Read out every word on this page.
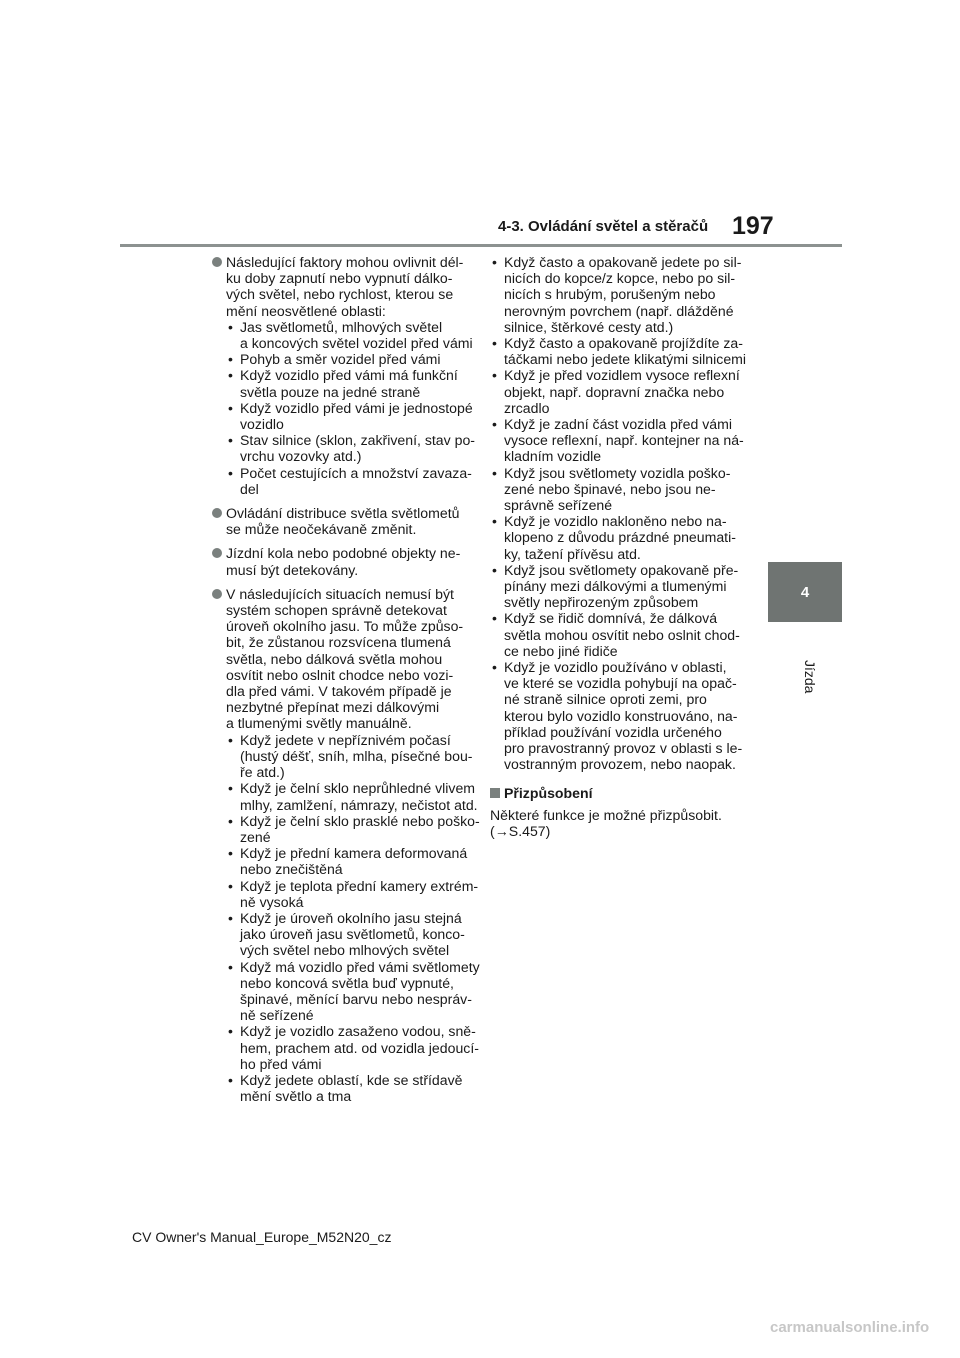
4-3. Ovládání světel a stěračů 197
4
Jízda
Následující faktory mohou ovlivnit dél-
ku doby zapnutí nebo vypnutí dálko-
vých světel, nebo rychlost, kterou se
mění neosvětlené oblasti:
• Jas světlometů, mlhových světel
a koncových světel vozidel před vámi
• Pohyb a směr vozidel před vámi
• Když vozidlo před vámi má funkční
světla pouze na jedné straně
• Když vozidlo před vámi je jednostopé
vozidlo
• Stav silnice (sklon, zakřivení, stav po-
vrchu vozovky atd.)
• Počet cestujících a množství zavaza-
del
Ovládání distribuce světla světlometů
se může neočekávaně změnit.
Jízdní kola nebo podobné objekty ne-
musí být detekovány.
V následujících situacích nemusí být
systém schopen správně detekovat
úroveň okolního jasu. To může způso-
bit, že zůstanou rozsvícena tlumená
světla, nebo dálková světla mohou
osvítit nebo oslnit chodce nebo vozi-
dla před vámi. V takovém případě je
nezbytné přepínat mezi dálkovými
a tlumenými světly manuálně.
• Když jedete v nepříznivém počasí
(hustý déšť, sníh, mlha, písečné bou-
ře atd.)
• Když je čelní sklo neprůhledné vlivem
mlhy, zamlžení, námrazy, nečistot atd.
• Když je čelní sklo prasklé nebo poško-
zené
• Když je přední kamera deformovaná
nebo znečištěná
• Když je teplota přední kamery extrém-
ně vysoká
• Když je úroveň okolního jasu stejná
jako úroveň jasu světlometů, konco-
vých světel nebo mlhových světel
• Když má vozidlo před vámi světlomety
nebo koncová světla buď vypnuté,
špinavé, měnící barvu nebo nespráv-
ně seřízené
• Když je vozidlo zasaženo vodou, sně-
hem, prachem atd. od vozidla jedoucí-
ho před vámi
• Když jedete oblastí, kde se střídavě
mění světlo a tma
• Když často a opakovaně jedete po sil-
nicích do kopce/z kopce, nebo po sil-
nicích s hrubým, porušeným nebo
nerovným povrchem (např. dlážděné
silnice, štěrkové cesty atd.)
• Když často a opakovaně projíždíte za-
táčkami nebo jedete klikatými silnicemi
• Když je před vozidlem vysoce reflexní
objekt, např. dopravní značka nebo
zrcadlo
• Když je zadní část vozidla před vámi
vysoce reflexní, např. kontejner na ná-
kladním vozidle
• Když jsou světlomety vozidla poško-
zené nebo špinavé, nebo jsou ne-
správně seřízené
• Když je vozidlo nakloněno nebo na-
klopeno z důvodu prázdné pneumati-
ky, tažení přívěsu atd.
• Když jsou světlomety opakovaně pře-
pínány mezi dálkovými a tlumenými
světly nepřirozeným způsobem
• Když se řidič domnívá, že dálková
světla mohou osvítit nebo oslnit chod-
ce nebo jiné řidiče
• Když je vozidlo používáno v oblasti,
ve které se vozidla pohybují na opač-
né straně silnice oproti zemi, pro
kterou bylo vozidlo konstruováno, na-
příklad používání vozidla určeného
pro pravostranný provoz v oblasti s le-
vostranným provozem, nebo naopak.
Přizpůsobení
Některé funkce je možné přizpůsobit.
(→S.457)
CV Owner's Manual_Europe_M52N20_cz
carmanualsonline.info
